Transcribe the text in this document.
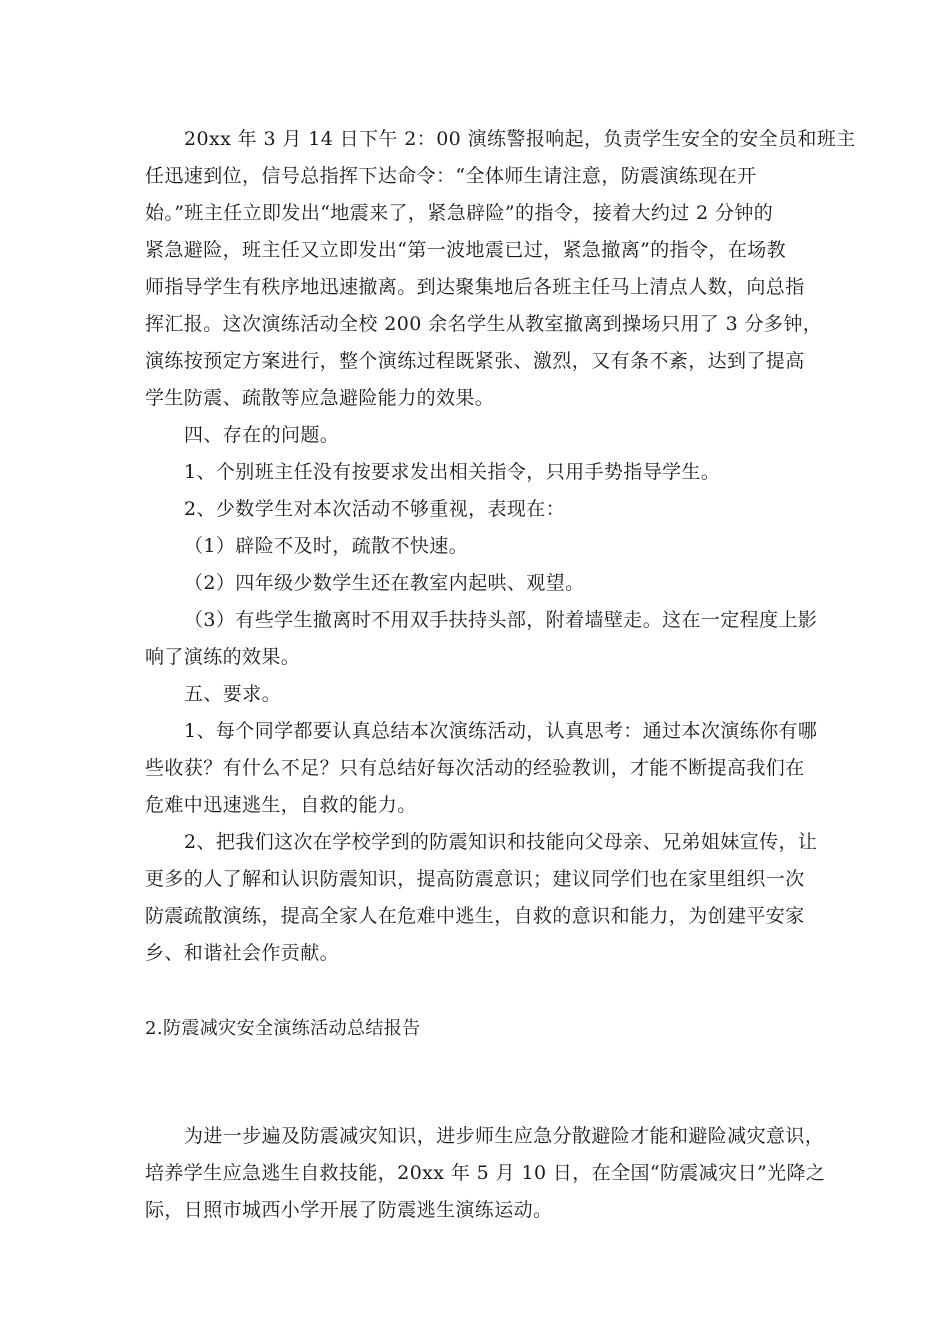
20xx 年 3 月 14 日下午 2：00 演练警报响起，负责学生安全的安全员和班主
任迅速到位，信号总指挥下达命令：“全体师生请注意，防震演练现在开
始。”班主任立即发出“地震来了，紧急辟险”的指令，接着大约过 2 分钟的
紧急避险，班主任又立即发出“第一波地震已过，紧急撤离”的指令，在场教
师指导学生有秩序地迅速撤离。到达聚集地后各班主任马上清点人数，向总指
挥汇报。这次演练活动全校 200 余名学生从教室撤离到操场只用了 3 分多钟，
演练按预定方案进行，整个演练过程既紧张、激烈，又有条不紊，达到了提高
学生防震、疏散等应急避险能力的效果。
四、存在的问题。
1、个别班主任没有按要求发出相关指令，只用手势指导学生。
2、少数学生对本次活动不够重视，表现在：
（1）辟险不及时，疏散不快速。
（2）四年级少数学生还在教室内起哄、观望。
（3）有些学生撤离时不用双手扶持头部，附着墙壁走。这在一定程度上影
响了演练的效果。
五、要求。
1、每个同学都要认真总结本次演练活动，认真思考：通过本次演练你有哪
些收获？有什么不足？只有总结好每次活动的经验教训，才能不断提高我们在
危难中迅速逃生，自救的能力。
2、把我们这次在学校学到的防震知识和技能向父母亲、兄弟姐妹宣传，让
更多的人了解和认识防震知识，提高防震意识；建议同学们也在家里组织一次
防震疏散演练，提高全家人在危难中逃生，自救的意识和能力，为创建平安家
乡、和谐社会作贡献。
2.防震减灾安全演练活动总结报告
为进一步遍及防震减灾知识，进步师生应急分散避险才能和避险减灾意识，
培养学生应急逃生自救技能，20xx 年 5 月 10 日，在全国“防震减灾日”光降之
际，日照市城西小学开展了防震逃生演练运动。
